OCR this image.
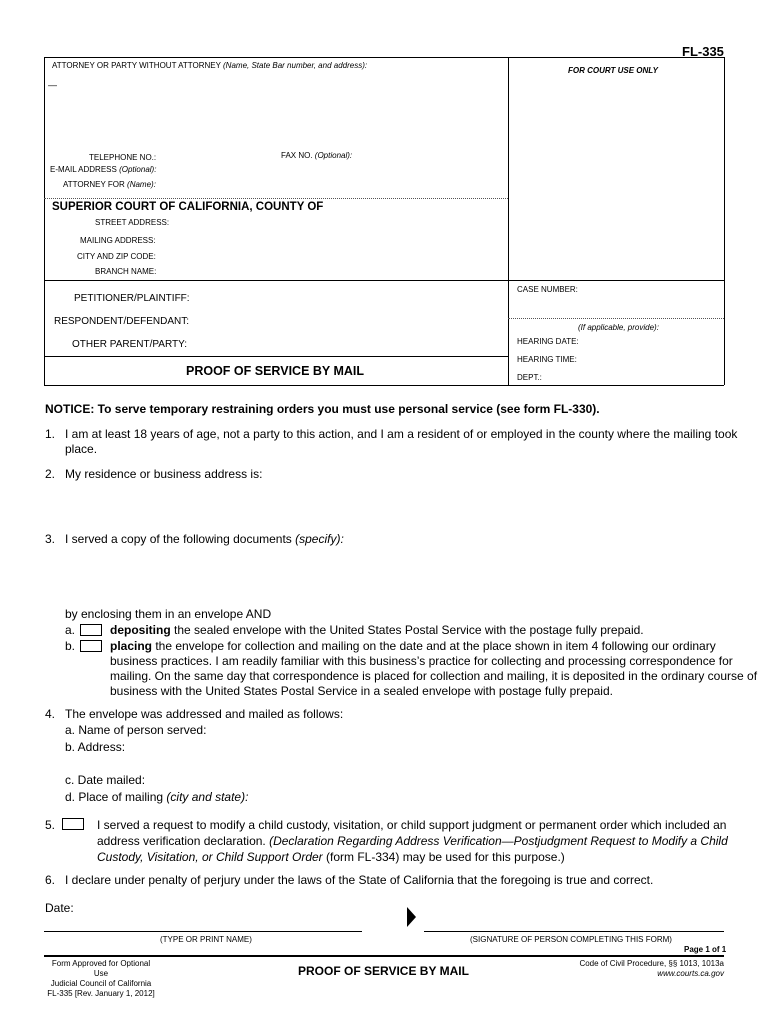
FL-335
ATTORNEY OR PARTY WITHOUT ATTORNEY (Name, State Bar number, and address):
—
FOR COURT USE ONLY
TELEPHONE NO.:	FAX NO. (Optional):
E-MAIL ADDRESS (Optional):
ATTORNEY FOR (Name):
SUPERIOR COURT OF CALIFORNIA, COUNTY OF
STREET ADDRESS:
MAILING ADDRESS:
CITY AND ZIP CODE:
BRANCH NAME:
PETITIONER/PLAINTIFF:
RESPONDENT/DEFENDANT:
OTHER PARENT/PARTY:
CASE NUMBER:
(If applicable, provide):
HEARING DATE:
HEARING TIME:
DEPT.:
PROOF OF SERVICE BY MAIL
NOTICE: To serve temporary restraining orders you must use personal service (see form FL-330).
1. I am at least 18 years of age, not a party to this action, and I am a resident of or employed in the county where the mailing took
place.
2. My residence or business address is:
3. I served a copy of the following documents (specify):
by enclosing them in an envelope AND
a.	depositing the sealed envelope with the United States Postal Service with the postage fully prepaid.
b.	placing the envelope for collection and mailing on the date and at the place shown in item 4 following our ordinary
business practices. I am readily familiar with this business’s practice for collecting and processing correspondence for
mailing. On the same day that correspondence is placed for collection and mailing, it is deposited in the ordinary course of
business with the United States Postal Service in a sealed envelope with postage fully prepaid.
4. The envelope was addressed and mailed as follows:
a. Name of person served:
b. Address:
c. Date mailed:
d. Place of mailing (city and state):
5.	I served a request to modify a child custody, visitation, or child support judgment or permanent order which included an
address verification declaration. (Declaration Regarding Address Verification—Postjudgment Request to Modify a Child
Custody, Visitation, or Child Support Order (form FL-334) may be used for this purpose.)
6. I declare under penalty of perjury under the laws of the State of California that the foregoing is true and correct.
Date:
(TYPE OR PRINT NAME)	(SIGNATURE OF PERSON COMPLETING THIS FORM)
Page 1 of 1
Form Approved for Optional Use
Judicial Council of California
FL-335 [Rev. January 1, 2012]
PROOF OF SERVICE BY MAIL
Code of Civil Procedure, §§ 1013, 1013a
www.courts.ca.gov
